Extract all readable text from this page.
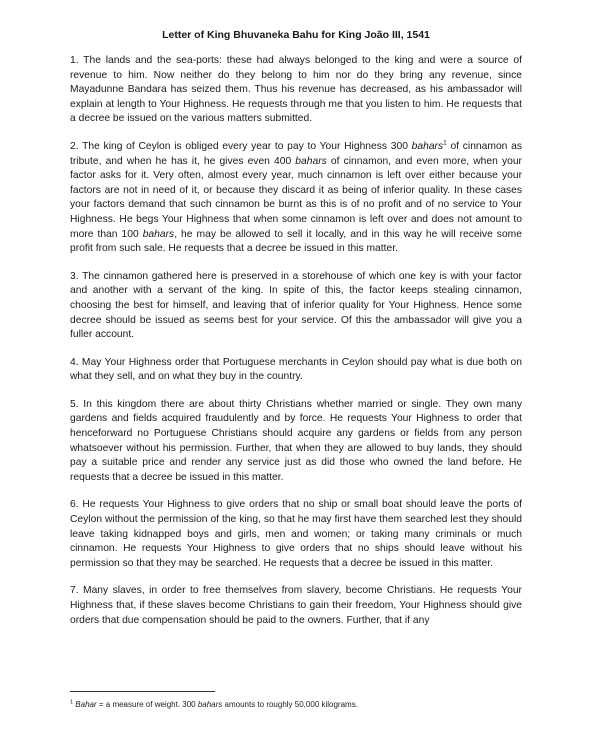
Letter of King Bhuvaneka Bahu for King João III, 1541

1. The lands and the sea-ports: these had always belonged to the king and were a source of revenue to him. Now neither do they belong to him nor do they bring any revenue, since Mayadunne Bandara has seized them. Thus his revenue has decreased, as his ambassador will explain at length to Your Highness. He requests through me that you listen to him. He requests that a decree be issued on the various matters submitted.

2. The king of Ceylon is obliged every year to pay to Your Highness 300 bahars$^1$ of cinnamon as tribute, and when he has it, he gives even 400 bahars of cinnamon, and even more, when your factor asks for it. Very often, almost every year, much cinnamon is left over either because your factors are not in need of it, or because they discard it as being of inferior quality. In these cases your factors demand that such cinnamon be burnt as this is of no profit and of no service to Your Highness. He begs Your Highness that when some cinnamon is left over and does not amount to more than 100 bahars, he may be allowed to sell it locally, and in this way he will receive some profit from such sale. He requests that a decree be issued in this matter.

3. The cinnamon gathered here is preserved in a storehouse of which one key is with your factor and another with a servant of the king. In spite of this, the factor keeps stealing cinnamon, choosing the best for himself, and leaving that of inferior quality for Your Highness. Hence some decree should be issued as seems best for your service. Of this the ambassador will give you a fuller account.

4. May Your Highness order that Portuguese merchants in Ceylon should pay what is due both on what they sell, and on what they buy in the country.

5. In this kingdom there are about thirty Christians whether married or single. They own many gardens and fields acquired fraudulently and by force. He requests Your Highness to order that henceforward no Portuguese Christians should acquire any gardens or fields from any person whatsoever without his permission. Further, that when they are allowed to buy lands, they should pay a suitable price and render any service just as did those who owned the land before. He requests that a decree be issued in this matter.

6. He requests Your Highness to give orders that no ship or small boat should leave the ports of Ceylon without the permission of the king, so that he may first have them searched lest they should leave taking kidnapped boys and girls, men and women; or taking many criminals or much cinnamon. He requests Your Highness to give orders that no ships should leave without his permission so that they may be searched. He requests that a decree be issued in this matter.

7. Many slaves, in order to free themselves from slavery, become Christians. He requests Your Highness that, if these slaves become Christians to gain their freedom, Your Highness should give orders that due compensation should be paid to the owners. Further, that if any

$^1$ Bahar = a measure of weight. 300 bahars amounts to roughly 50,000 kilograms.
